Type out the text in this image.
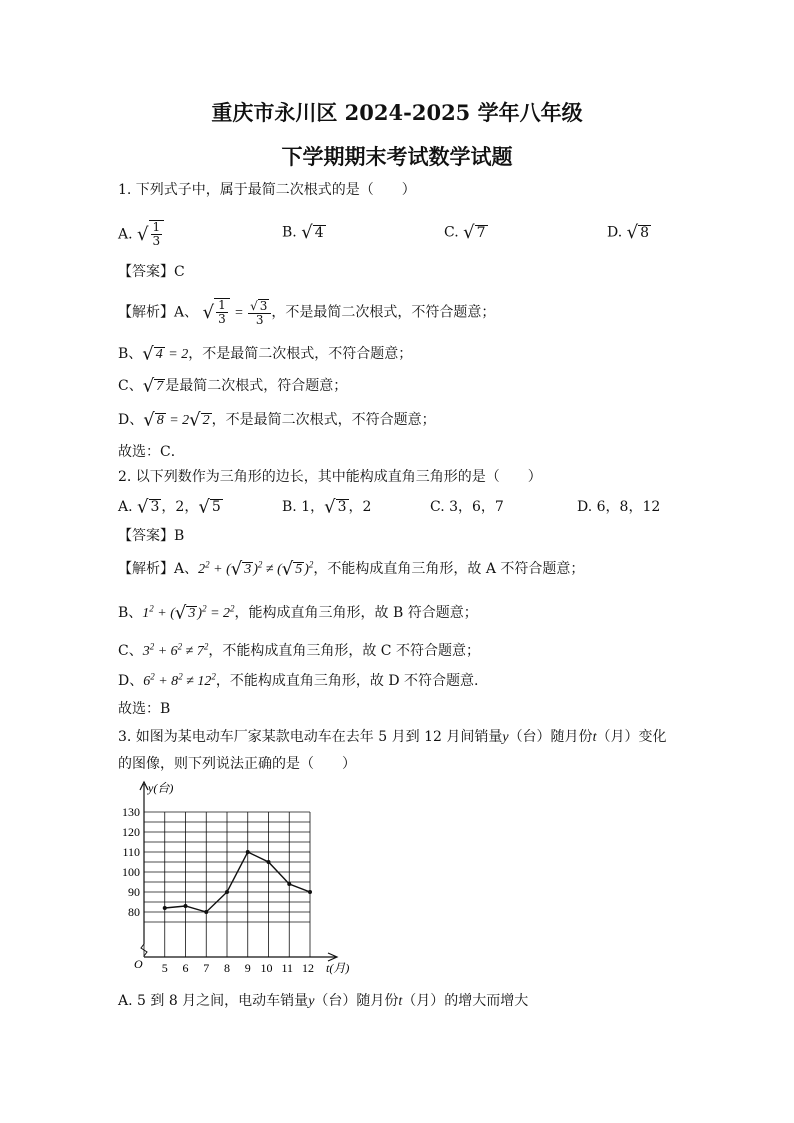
重庆市永川区 2024-2025 学年八年级
下学期期末考试数学试题
1. 下列式子中，属于最简二次根式的是（　　）
A. √ $\frac{1}{3}$	B. √ 4	C. √ 7	D. √ 8
【答案】C
【解析】A、 √ $\frac{1}{3} = \frac{√ 3}{3}$ ，不是最简二次根式，不符合题意；
B、√ 4 = 2，不是最简二次根式，不符合题意；
C、√ 7 是最简二次根式，符合题意；
D、√ 8 = 2√ 2 ，不是最简二次根式，不符合题意；
故选：C．
2. 以下列数作为三角形的边长，其中能构成直角三角形的是（　　）
A. √ 3 ，2，√ 5	B. 1，√ 3 ，2	C. 3，6，7	D. 6，8，12
【答案】B
【解析】A、$2^2$ + (√ 3 )$^2$ ≠ (√ 5 )$^2$，不能构成直角三角形，故 A 不符合题意；
B、$1^2$ + (√ 3 )$^2 = 2^2$，能构成直角三角形，故 B 符合题意；
C、$3^2 + 6^2 \ne 7^2$，不能构成直角三角形，故 C 不符合题意；
D、$6^2 + 8^2 \ne 12^2$，不能构成直角三角形，故 D 不符合题意.
故选：B
3. 如图为某电动车厂家某款电动车在去年 5 月到 12 月间销量y（台）随月份t（月）变化
的图像，则下列说法正确的是（　　）
80
90
100
110
120
130
5 6 7 8 9 10 11 12
y(台)
t(月)
O
A. 5 到 8 月之间，电动车销量y（台）随月份t（月）的增大而增大
